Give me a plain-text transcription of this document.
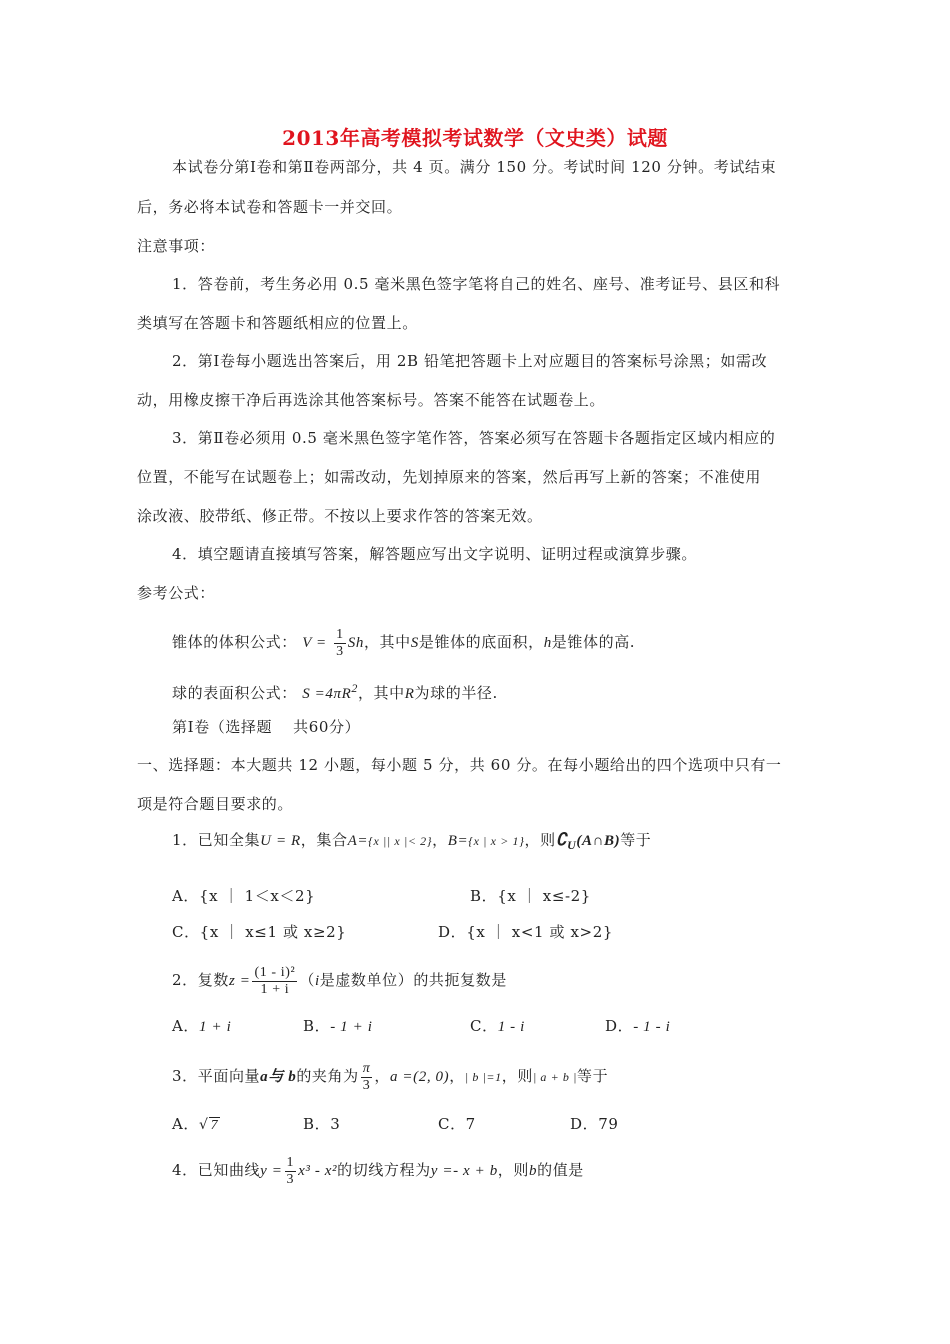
2013年高考模拟考试数学（文史类）试题
本试卷分第Ⅰ卷和第Ⅱ卷两部分，共 4 页。满分 150 分。考试时间 120 分钟。考试结束
后，务必将本试卷和答题卡一并交回。
注意事项：
1．答卷前，考生务必用 0.5 毫米黑色签字笔将自己的姓名、座号、准考证号、县区和科
类填写在答题卡和答题纸相应的位置上。
2．第Ⅰ卷每小题选出答案后，用 2B 铅笔把答题卡上对应题目的答案标号涂黑；如需改
动，用橡皮擦干净后再选涂其他答案标号。答案不能答在试题卷上。
3．第Ⅱ卷必须用 0.5 毫米黑色签字笔作答，答案必须写在答题卡各题指定区域内相应的
位置，不能写在试题卷上；如需改动，先划掉原来的答案，然后再写上新的答案；不准使用
涂改液、胶带纸、修正带。不按以上要求作答的答案无效。
4．填空题请直接填写答案，解答题应写出文字说明、证明过程或演算步骤。
参考公式：
锥体的体积公式： $V = \frac{1}{3}$ Sh，其中S是锥体的底面积，h是锥体的高.
球的表面积公式： $S =4\pi R^2$，其中R为球的半径.
第Ⅰ卷（选择题　 共60分）
一、选择题：本大题共 12 小题，每小题 5 分，共 60 分。在每小题给出的四个选项中只有一
项是符合题目要求的。
1．已知全集U = R，集合A={x || x |< 2}，B={x | x > 1}，则$∁_U(A\cap B)$等于
A．{x ｜ 1＜x＜2}	B．{x ｜ x≤-2}
C．{x ｜ x≤1 或 x≥2}	D．{x ｜ x<1 或 x>2}
2．复数$z = \frac{\text{(1 - i)²}}{1 + i} (i$是虚数单位）的共扼复数是
A．1 + i	B．- 1 + i	C．1 - i	D．- 1 - i
3．平面向量a与 b的夹角为 $\frac{\pi}{3}$ ，a =(2, 0)，| b |=1，则| a + b |等于
A．√ 7	B．3	C．7	D．79
4．已知曲线$y = \frac{1}{3} x^3 - x^2$的切线方程为y =- x + b，则b的值是
